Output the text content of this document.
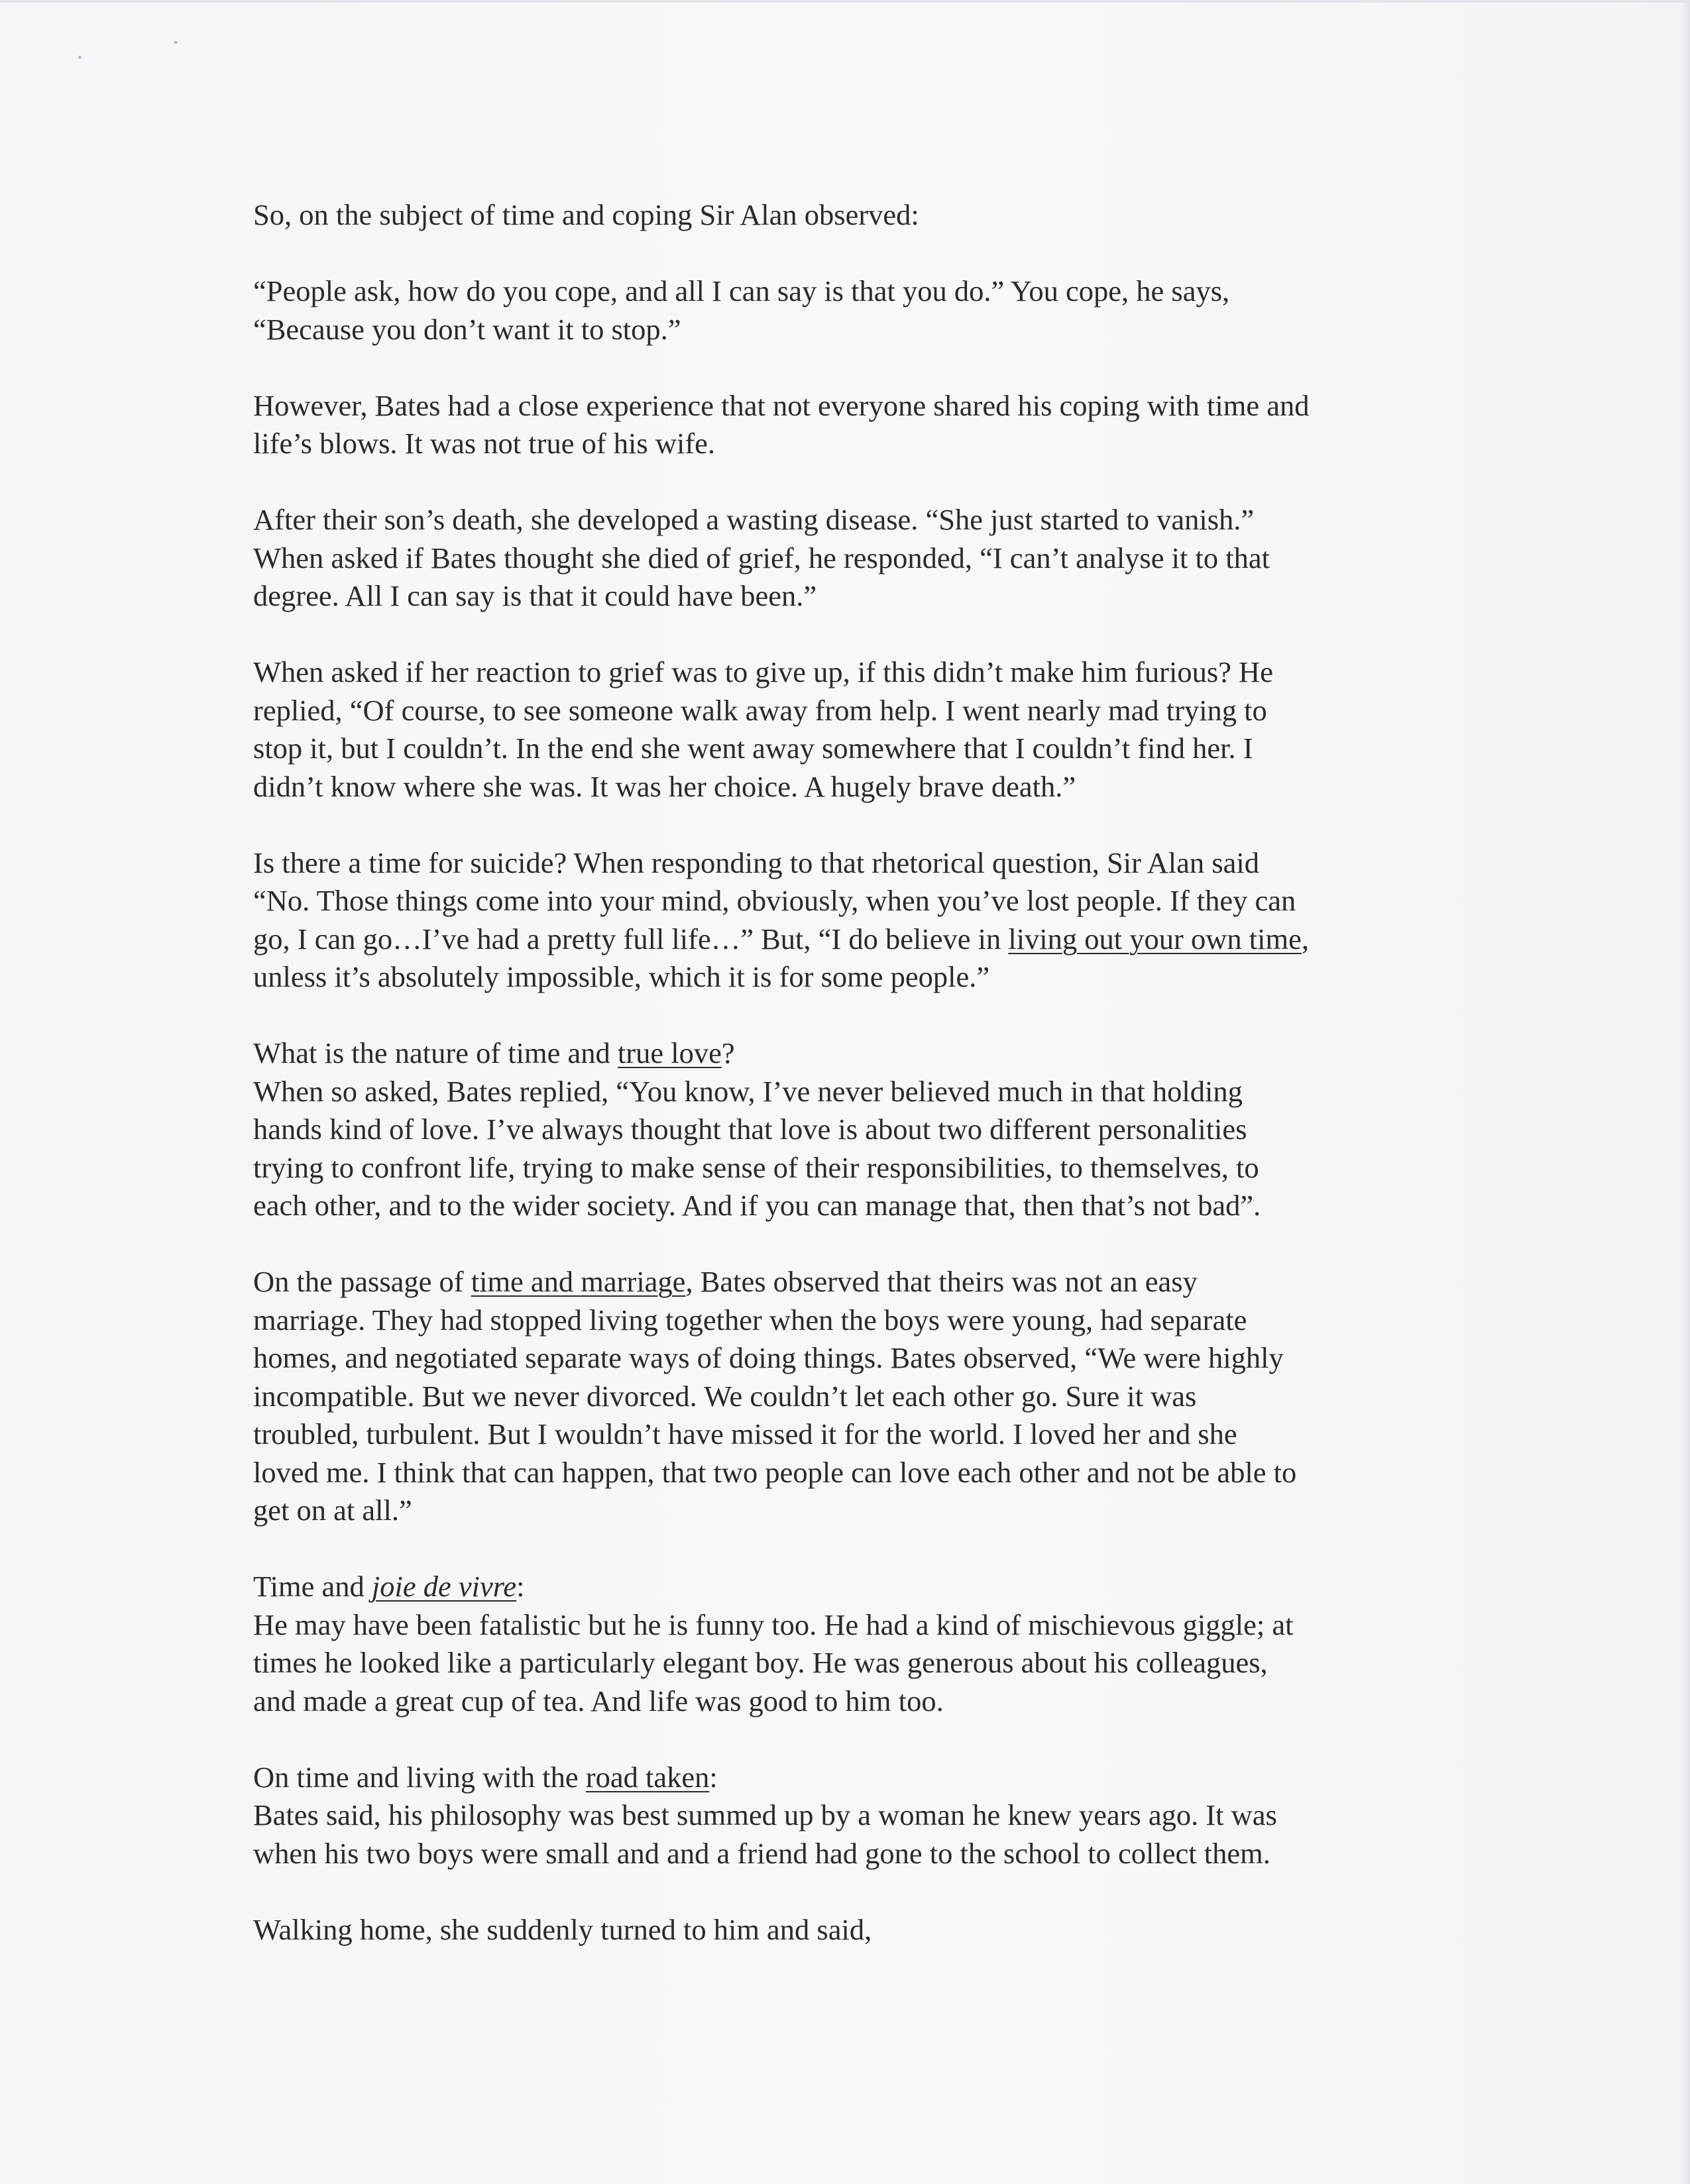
So, on the subject of time and coping Sir Alan observed:
“People ask, how do you cope, and all I can say is that you do.” You cope, he says,
“Because you don’t want it to stop.”
However, Bates had a close experience that not everyone shared his coping with time and
life’s blows. It was not true of his wife.
After their son’s death, she developed a wasting disease. “She just started to vanish.”
When asked if Bates thought she died of grief, he responded, “I can’t analyse it to that
degree. All I can say is that it could have been.”
When asked if her reaction to grief was to give up, if this didn’t make him furious? He
replied, “Of course, to see someone walk away from help. I went nearly mad trying to
stop it, but I couldn’t. In the end she went away somewhere that I couldn’t find her. I
didn’t know where she was. It was her choice. A hugely brave death.”
Is there a time for suicide? When responding to that rhetorical question, Sir Alan said
“No. Those things come into your mind, obviously, when you’ve lost people. If they can
go, I can go…I’ve had a pretty full life…” But, “I do believe in living out your own time,
unless it’s absolutely impossible, which it is for some people.”
What is the nature of time and true love?
When so asked, Bates replied, “You know, I’ve never believed much in that holding
hands kind of love. I’ve always thought that love is about two different personalities
trying to confront life, trying to make sense of their responsibilities, to themselves, to
each other, and to the wider society. And if you can manage that, then that’s not bad”.
On the passage of time and marriage, Bates observed that theirs was not an easy
marriage. They had stopped living together when the boys were young, had separate
homes, and negotiated separate ways of doing things. Bates observed, “We were highly
incompatible. But we never divorced. We couldn’t let each other go. Sure it was
troubled, turbulent. But I wouldn’t have missed it for the world. I loved her and she
loved me. I think that can happen, that two people can love each other and not be able to
get on at all.”
Time and joie de vivre:
He may have been fatalistic but he is funny too. He had a kind of mischievous giggle; at
times he looked like a particularly elegant boy. He was generous about his colleagues,
and made a great cup of tea. And life was good to him too.
On time and living with the road taken:
Bates said, his philosophy was best summed up by a woman he knew years ago. It was
when his two boys were small and and a friend had gone to the school to collect them.
Walking home, she suddenly turned to him and said,
